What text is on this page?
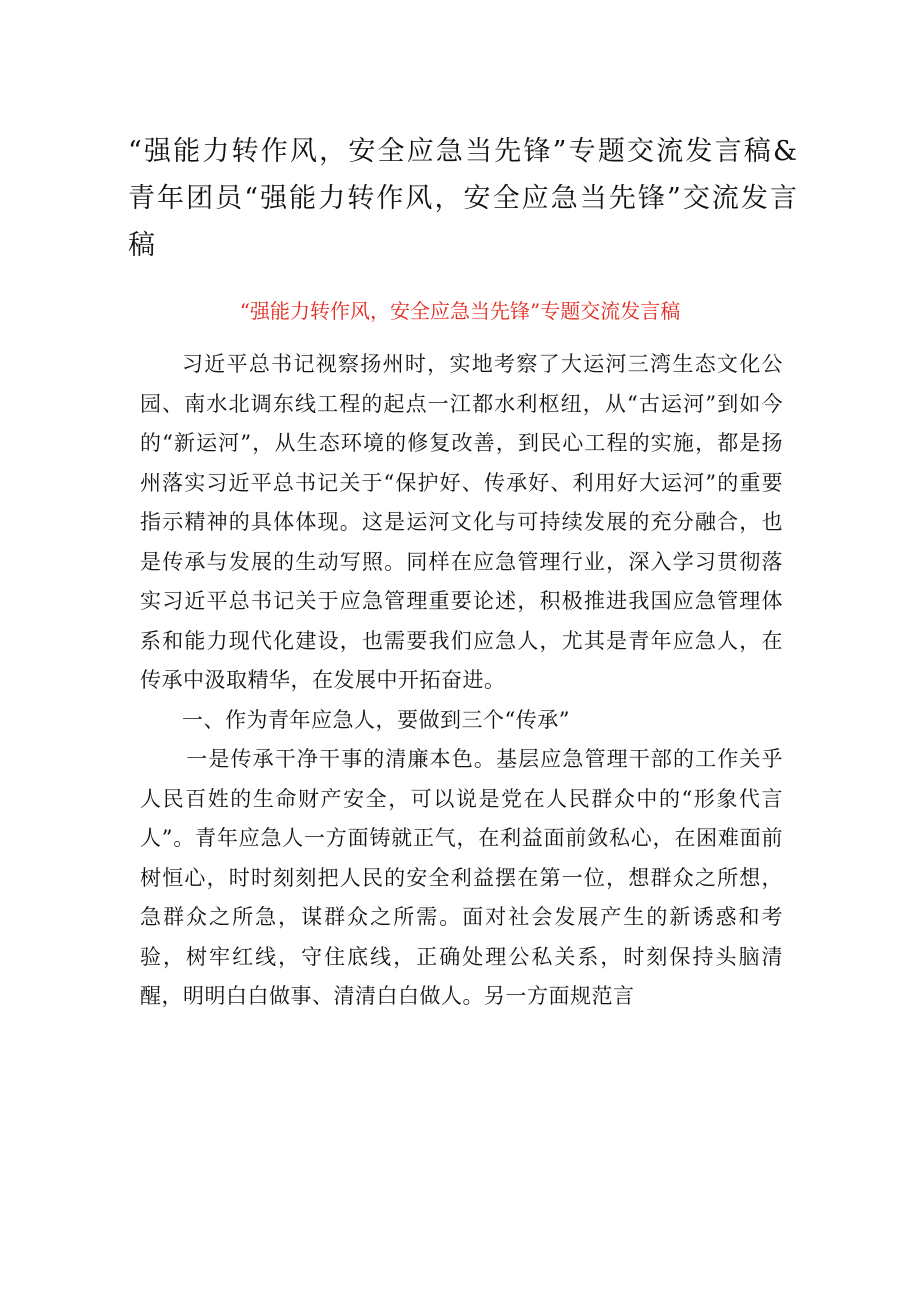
“强能力转作风，安全应急当先锋”专题交流发言稿&青年团员“强能力转作风，安全应急当先锋”交流发言稿
“强能力转作风，安全应急当先锋”专题交流发言稿

习近平总书记视察扬州时，实地考察了大运河三湾生态文化公园、南水北调东线工程的起点一江都水利枢纽，从“古运河”到如今的“新运河”，从生态环境的修复改善，到民心工程的实施，都是扬州落实习近平总书记关于“保护好、传承好、利用好大运河”的重要指示精神的具体体现。这是运河文化与可持续发展的充分融合，也是传承与发展的生动写照。同样在应急管理行业，深入学习贯彻落实习近平总书记关于应急管理重要论述，积极推进我国应急管理体系和能力现代化建设，也需要我们应急人，尤其是青年应急人，在传承中汲取精华，在发展中开拓奋进。

一、作为青年应急人，要做到三个“传承”

一是传承干净干事的清廉本色。基层应急管理干部的工作关乎人民百姓的生命财产安全，可以说是党在人民群众中的“形象代言人”。青年应急人一方面铸就正气，在利益面前敛私心，在困难面前树恒心，时时刻刻把人民的安全利益摆在第一位，想群众之所想，急群众之所急，谋群众之所需。面对社会发展产生的新诱惑和考验，树牢红线，守住底线，正确处理公私关系，时刻保持头脑清醒，明明白白做事、清清白白做人。另一方面规范言
